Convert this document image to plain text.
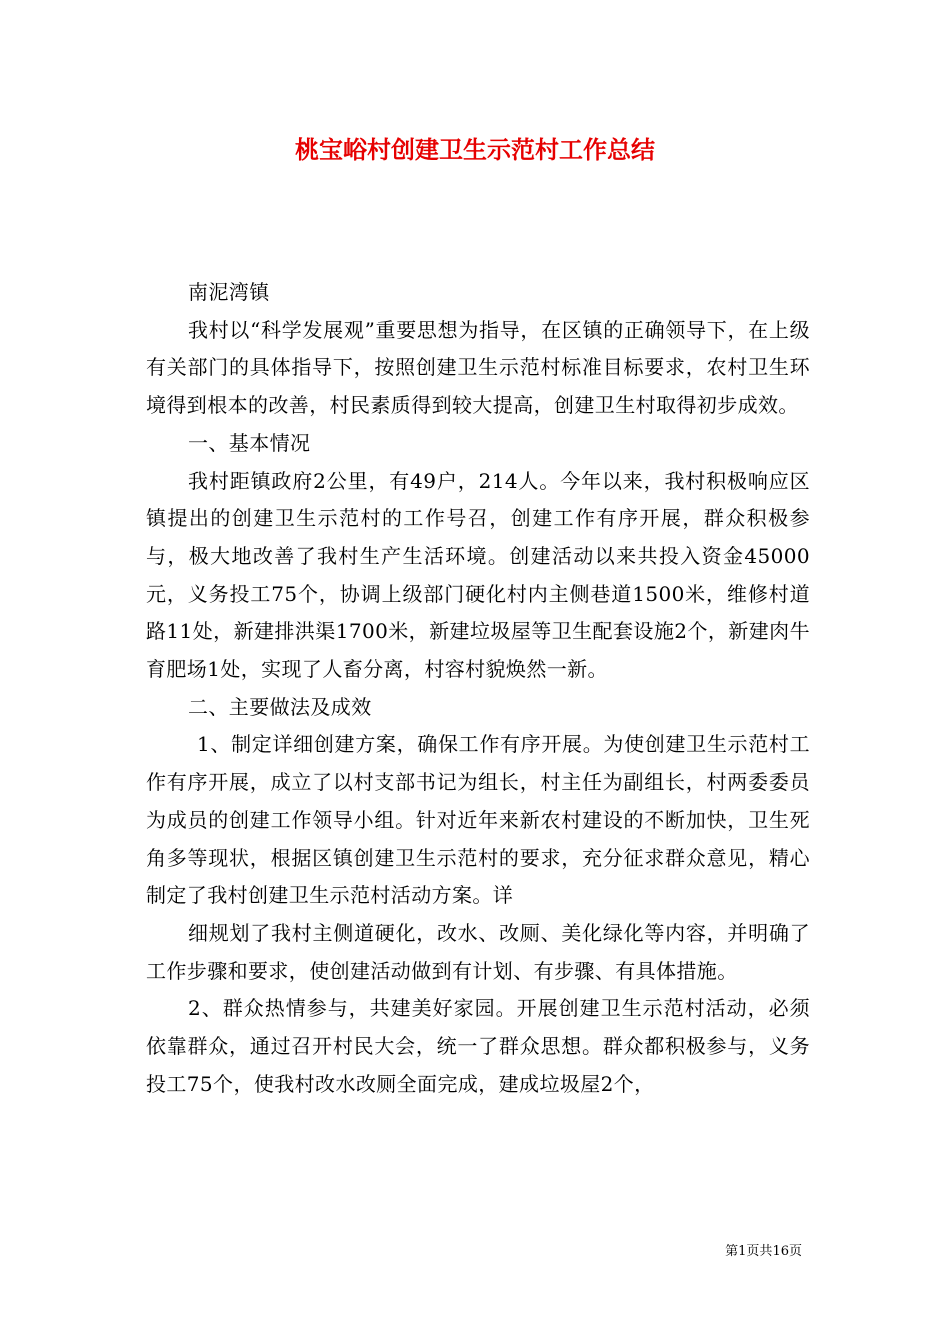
桃宝峪村创建卫生示范村工作总结

南泥湾镇

我村以“科学发展观”重要思想为指导，在区镇的正确领导下，在上级有关部门的具体指导下，按照创建卫生示范村标准目标要求，农村卫生环境得到根本的改善，村民素质得到较大提高，创建卫生村取得初步成效。

一、基本情况

我村距镇政府2公里，有49户，214人。今年以来，我村积极响应区镇提出的创建卫生示范村的工作号召，创建工作有序开展，群众积极参与，极大地改善了我村生产生活环境。创建活动以来共投入资金45000元，义务投工75个，协调上级部门硬化村内主侧巷道1500米，维修村道路11处，新建排洪渠1700米，新建垃圾屋等卫生配套设施2个，新建肉牛育肥场1处，实现了人畜分离，村容村貌焕然一新。

二、主要做法及成效

1、制定详细创建方案，确保工作有序开展。为使创建卫生示范村工作有序开展，成立了以村支部书记为组长，村主任为副组长，村两委委员为成员的创建工作领导小组。针对近年来新农村建设的不断加快，卫生死角多等现状，根据区镇创建卫生示范村的要求，充分征求群众意见，精心制定了我村创建卫生示范村活动方案。详

细规划了我村主侧道硬化，改水、改厕、美化绿化等内容，并明确了工作步骤和要求，使创建活动做到有计划、有步骤、有具体措施。

2、群众热情参与，共建美好家园。开展创建卫生示范村活动，必须依靠群众，通过召开村民大会，统一了群众思想。群众都积极参与，义务投工75个，使我村改水改厕全面完成，建成垃圾屋2个，

第1页共16页
